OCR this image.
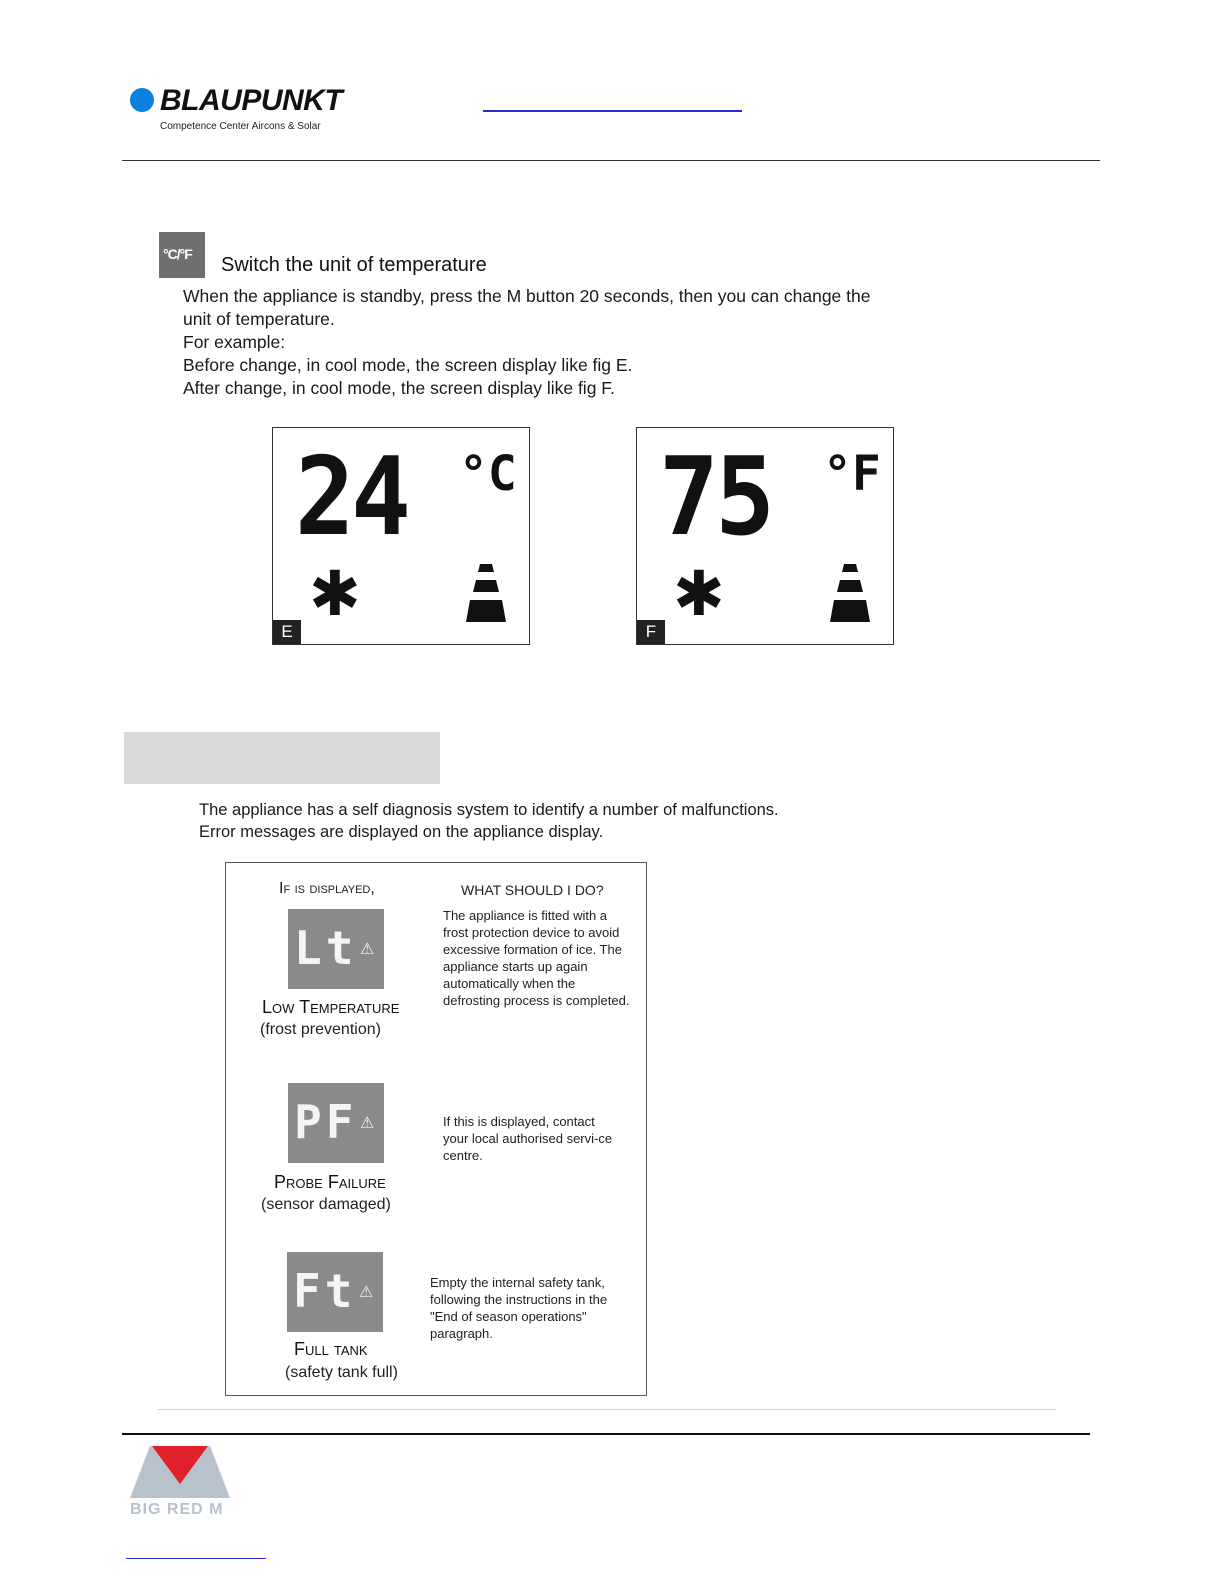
BLAUPUNKT
Competence Center Aircons & Solar
°C/°F Switch the unit of temperature
When the appliance is standby, press the M button 20 seconds, then you can change the
unit of temperature.
For example:
Before change, in cool mode, the screen display like fig E.
After change, in cool mode, the screen display like fig F.
24 °C
✱
E
75 °F
✱
F
The appliance has a self diagnosis system to identify a number of malfunctions.
Error messages are displayed on the appliance display.
If is displayed,	WHAT SHOULD I DO?
Lt ⚠
Low Temperature
(frost prevention)
The appliance is fitted with a frost protection device to avoid excessive formation of ice. The appliance starts up again automatically when the defrosting process is completed.
PF ⚠
Probe Failure
(sensor damaged)
If this is displayed, contact your local authorised servi-ce centre.
Ft ⚠
Full tank
(safety tank full)
Empty the internal safety tank, following the instructions in the "End of season operations" paragraph.
BIG RED M
